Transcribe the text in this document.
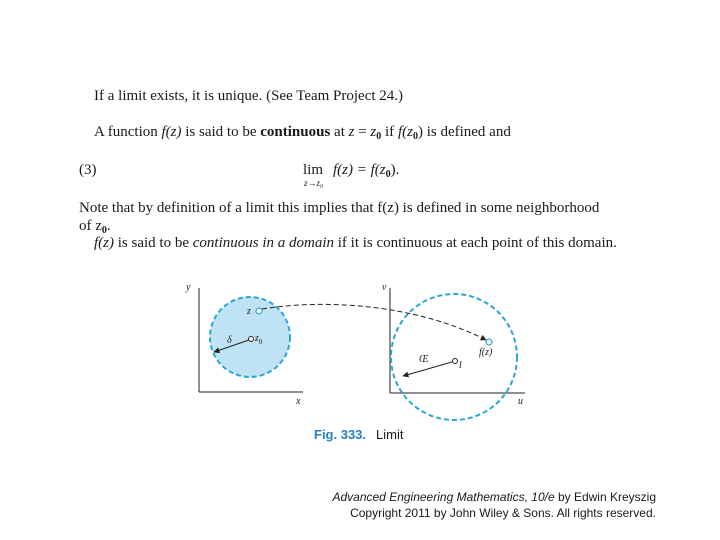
If a limit exists, it is unique. (See Team Project 24.)
A function f(z) is said to be continuous at $z = z_0$ if $f(z_0)$ is defined and
(3)	lim
z→z₀
$f(z) = f(z_0)$.
Note that by definition of a limit this implies that f(z) is defined in some neighborhood
of $z_0$.
f(z) is said to be continuous in a domain if it is continuous at each point of this domain.
y
x
z
$z_0$
δ
v
u
l
Œ
f(z)
Fig. 333. Limit
Advanced Engineering Mathematics, 10/e by Edwin Kreyszig
Copyright 2011 by John Wiley & Sons. All rights reserved.
